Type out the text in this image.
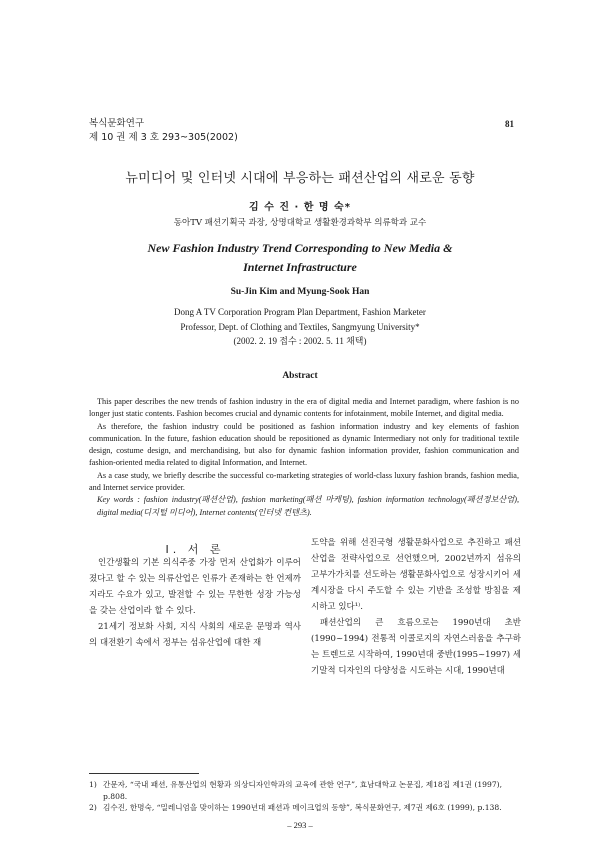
복식문화연구
제 10 권 제 3 호 293~305(2002)
81
뉴미디어 및 인터넷 시대에 부응하는 패션산업의 새로운 동향
김 수 진 · 한 명 숙*
동아TV 패션기획국 과장, 상명대학교 생활환경과학부 의류학과 교수
New Fashion Industry Trend Corresponding to New Media &
Internet Infrastructure
Su-Jin Kim and Myung-Sook Han
Dong A TV Corporation Program Plan Department, Fashion Marketer
Professor, Dept. of Clothing and Textiles, Sangmyung University*
(2002. 2. 19 접수 : 2002. 5. 11 채택)
Abstract

This paper describes the new trends of fashion industry in the era of digital media and Internet paradigm, where fashion is no longer just static contents. Fashion becomes crucial and dynamic contents for infotainment, mobile Internet, and digital media.

As therefore, the fashion industry could be positioned as fashion information industry and key elements of fashion communication. In the future, fashion education should be repositioned as dynamic Intermediary not only for traditional textile design, costume design, and merchandising, but also for dynamic fashion information provider, fashion communication and fashion-oriented media related to digital Information, and Internet.

As a case study, we briefly describe the successful co-marketing strategies of world-class luxury fashion brands, fashion media, and Internet service provider.

Key words : fashion industry(패션산업), fashion marketing(패션 마케팅), fashion information technology(패션정보산업), digital media(디지털 미디어), Internet contents(인터넷 컨텐츠).

I. 서 론

인간생활의 기본 의식주중 가장 먼저 산업화가 이루어졌다고 할 수 있는 의류산업은 인류가 존재하는 한 언제까지라도 수요가 있고, 발전할 수 있는 무한한 성장 가능성을 갖는 산업이라 할 수 있다.

21세기 정보화 사회, 지식 사회의 새로운 문명과 역사의 대전환기 속에서 정부는 섬유산업에 대한 재

도약을 위해 선진국형 생활문화사업으로 추진하고 패션산업을 전략사업으로 선언했으며, 2002년까지 섬유의 고부가가치를 선도하는 생활문화사업으로 성장시키어 세계시장을 다시 주도할 수 있는 기반을 조성할 방침을 제시하고 있다¹⁾.

패션산업의 큰 흐름으로는 1990년대 초반(1990~1994) 전통적 이콜로지의 자연스러움을 추구하는 트렌드로 시작하여, 1990년대 중반(1995~1997) 세기말적 디자인의 다양성을 시도하는 시대, 1990년대

1) 간문자, “국내 패션, 유통산업의 현황과 의상디자인학과의 교육에 관한 연구”, 효남대학교 논문집, 제18집 제1권 (1997), p.808.
2) 김수진, 한명숙, “밀레니엄을 맞이하는 1990년대 패션과 메이크업의 동향”, 복식문화연구, 제7권 제6호 (1999), p.138.
– 293 –
